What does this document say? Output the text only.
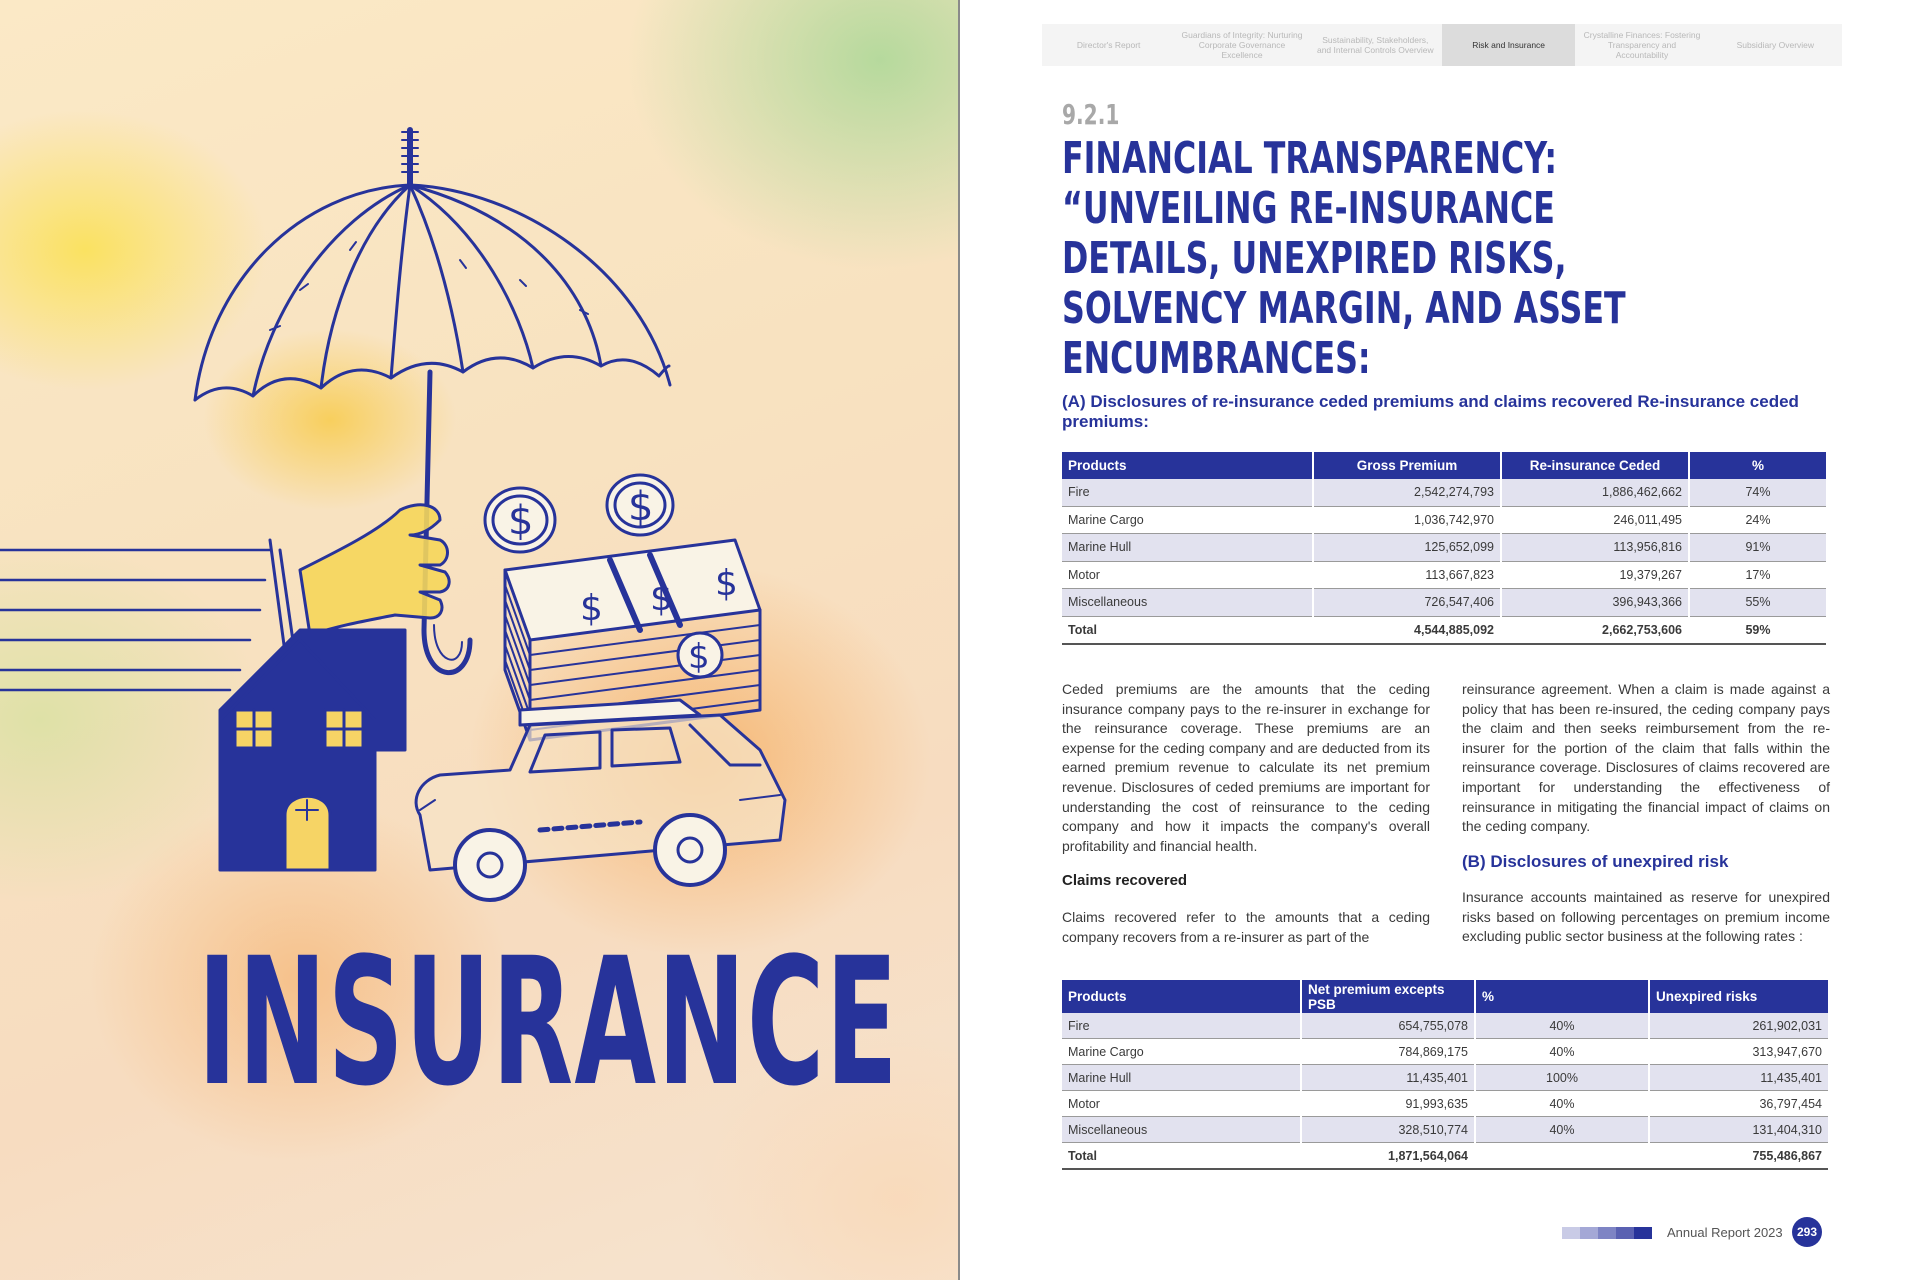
$ $
$ $ $
$
INSURANCE
Director's Report
Guardians of Integrity: Nurturing Corporate Governance Excellence
Sustainability, Stakeholders, and Internal Controls Overview	Risk and Insurance
Crystalline Finances: Fostering Transparency and Accountability
Subsidiary Overview
9.2.1
FINANCIAL TRANSPARENCY: “UNVEILING RE-INSURANCE DETAILS, UNEXPIRED RISKS, SOLVENCY MARGIN, AND ASSET ENCUMBRANCES:
(A) Disclosures of re-insurance ceded premiums and claims recovered Re-insurance ceded premiums:
Products	Gross Premium	Re-insurance Ceded	%
Fire	2,542,274,793	1,886,462,662	74%
Marine Cargo	1,036,742,970	246,011,495	24%
Marine Hull	125,652,099	113,956,816	91%
Motor	113,667,823	19,379,267	17%
Miscellaneous	726,547,406	396,943,366	55%
Total	4,544,885,092	2,662,753,606	59%

Ceded premiums are the amounts that the ceding insurance company pays to the re-insurer in exchange for the reinsurance coverage. These premiums are an expense for the ceding company and are deducted from its earned premium revenue to calculate its net premium revenue. Disclosures of ceded premiums are important for understanding the cost of reinsurance to the ceding company and how it impacts the company's overall profitability and financial health.

Claims recovered

Claims recovered refer to the amounts that a ceding company recovers from a re-insurer as part of the

reinsurance agreement. When a claim is made against a policy that has been re-insured, the ceding company pays the claim and then seeks reimbursement from the re-insurer for the portion of the claim that falls within the reinsurance coverage. Disclosures of claims recovered are important for understanding the effectiveness of reinsurance in mitigating the financial impact of claims on the ceding company.

(B) Disclosures of unexpired risk

Insurance accounts maintained as reserve for unexpired risks based on following percentages on premium income excluding public sector business at the following rates :

Products	Net premium excepts PSB	%	Unexpired risks
Fire	654,755,078	40%	261,902,031
Marine Cargo	784,869,175	40%	313,947,670
Marine Hull	11,435,401	100%	11,435,401
Motor	91,993,635	40%	36,797,454
Miscellaneous	328,510,774	40%	131,404,310
Total	1,871,564,064		755,486,867
Annual Report 2023	293
